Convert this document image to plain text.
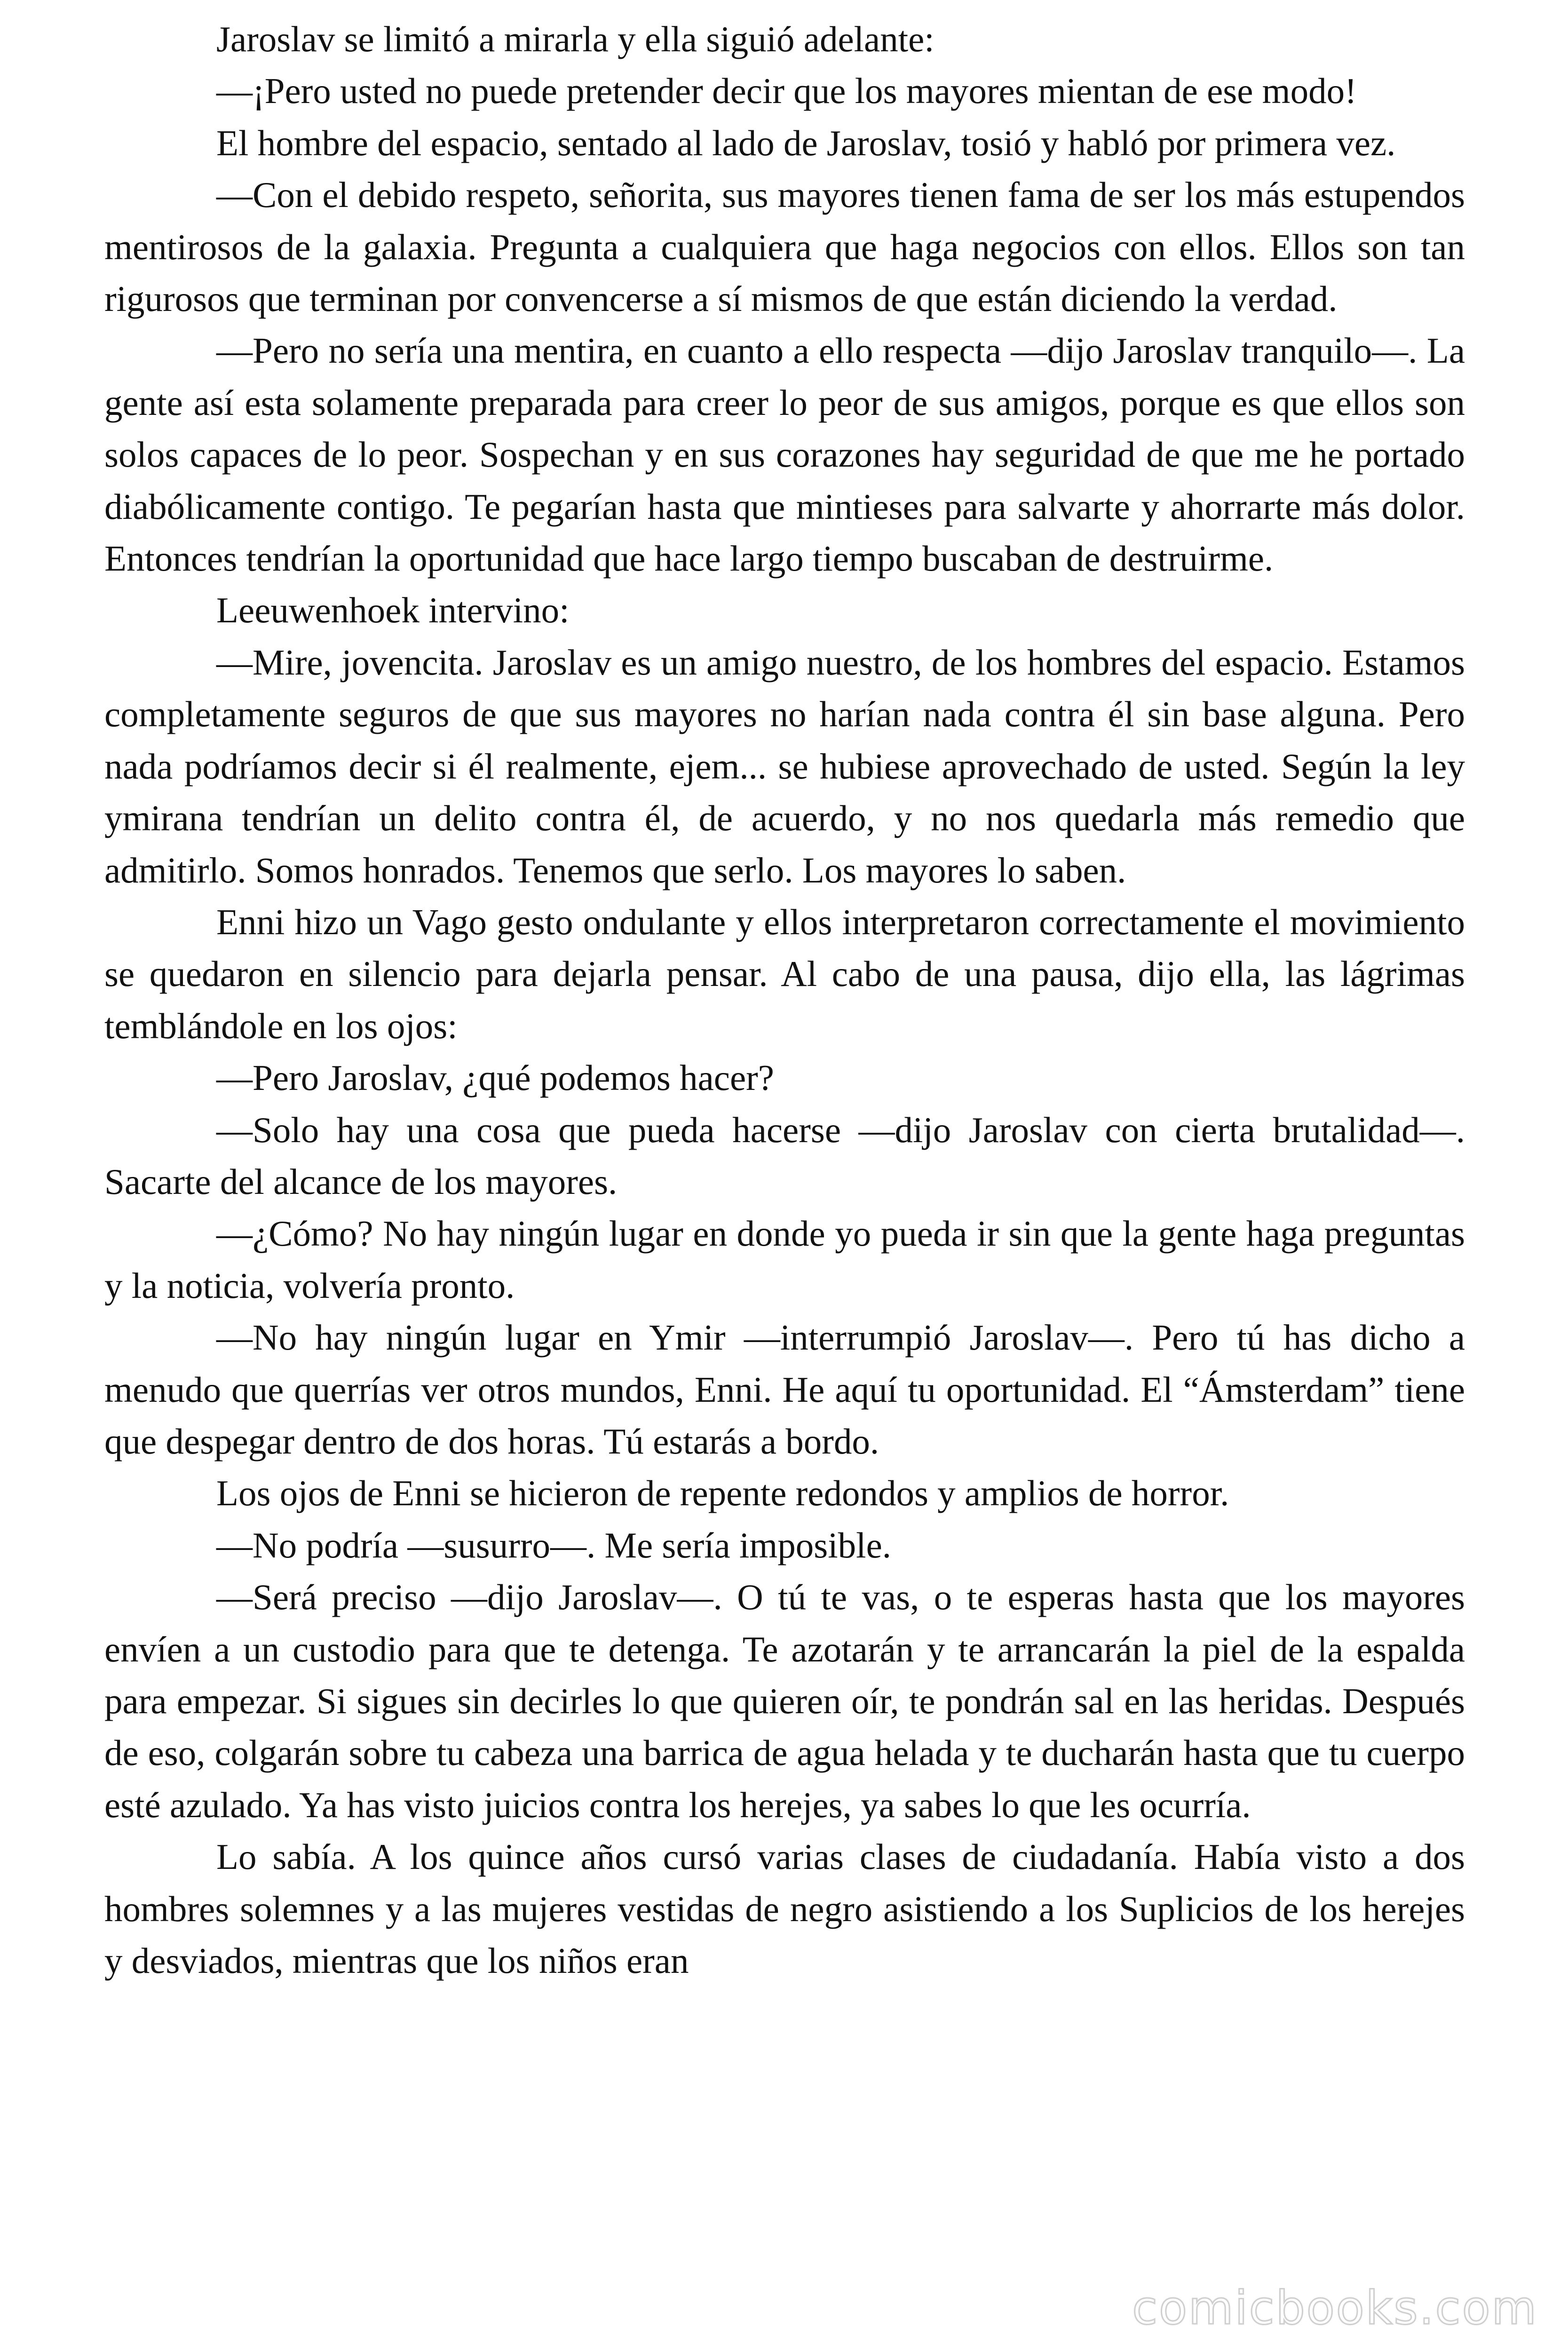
Jaroslav se limitó a mirarla y ella siguió adelante:

—¡Pero usted no puede pretender decir que los mayores mientan de ese modo!

El hombre del espacio, sentado al lado de Jaroslav, tosió y habló por primera vez.

—Con el debido respeto, señorita, sus mayores tienen fama de ser los más estupendos mentirosos de la galaxia. Pregunta a cualquiera que haga negocios con ellos. Ellos son tan rigurosos que terminan por convencerse a sí mismos de que están diciendo la verdad.

—Pero no sería una mentira, en cuanto a ello respecta —dijo Jaroslav tranquilo—. La gente así esta solamente preparada para creer lo peor de sus amigos, porque es que ellos son solos capaces de lo peor. Sospechan y en sus corazones hay seguridad de que me he portado diabólicamente contigo. Te pegarían hasta que mintieses para salvarte y ahorrarte más dolor. Entonces tendrían la oportunidad que hace largo tiempo buscaban de destruirme.

Leeuwenhoek intervino:

—Mire, jovencita. Jaroslav es un amigo nuestro, de los hombres del espacio. Estamos completamente seguros de que sus mayores no harían nada contra él sin base alguna. Pero nada podríamos decir si él realmente, ejem... se hubiese aprovechado de usted. Según la ley ymirana tendrían un delito contra él, de acuerdo, y no nos quedarla más remedio que admitirlo. Somos honrados. Tenemos que serlo. Los mayores lo saben.

Enni hizo un Vago gesto ondulante y ellos interpretaron correctamente el movimiento se quedaron en silencio para dejarla pensar. Al cabo de una pausa, dijo ella, las lágrimas temblándole en los ojos:

—Pero Jaroslav, ¿qué podemos hacer?

—Solo hay una cosa que pueda hacerse —dijo Jaroslav con cierta brutalidad—. Sacarte del alcance de los mayores.

—¿Cómo? No hay ningún lugar en donde yo pueda ir sin que la gente haga preguntas y la noticia, volvería pronto.

—No hay ningún lugar en Ymir —interrumpió Jaroslav—. Pero tú has dicho a menudo que querrías ver otros mundos, Enni. He aquí tu oportunidad. El “Ámsterdam” tiene que despegar dentro de dos horas. Tú estarás a bordo.

Los ojos de Enni se hicieron de repente redondos y amplios de horror.

—No podría —susurro—. Me sería imposible.

—Será preciso —dijo Jaroslav—. O tú te vas, o te esperas hasta que los mayores envíen a un custodio para que te detenga. Te azotarán y te arrancarán la piel de la espalda para empezar. Si sigues sin decirles lo que quieren oír, te pondrán sal en las heridas. Después de eso, colgarán sobre tu cabeza una barrica de agua helada y te ducharán hasta que tu cuerpo esté azulado. Ya has visto juicios contra los herejes, ya sabes lo que les ocurría.

Lo sabía. A los quince años cursó varias clases de ciudadanía. Había visto a dos hombres solemnes y a las mujeres vestidas de negro asistiendo a los Suplicios de los herejes y desviados, mientras que los niños eran

comicbooks.com
